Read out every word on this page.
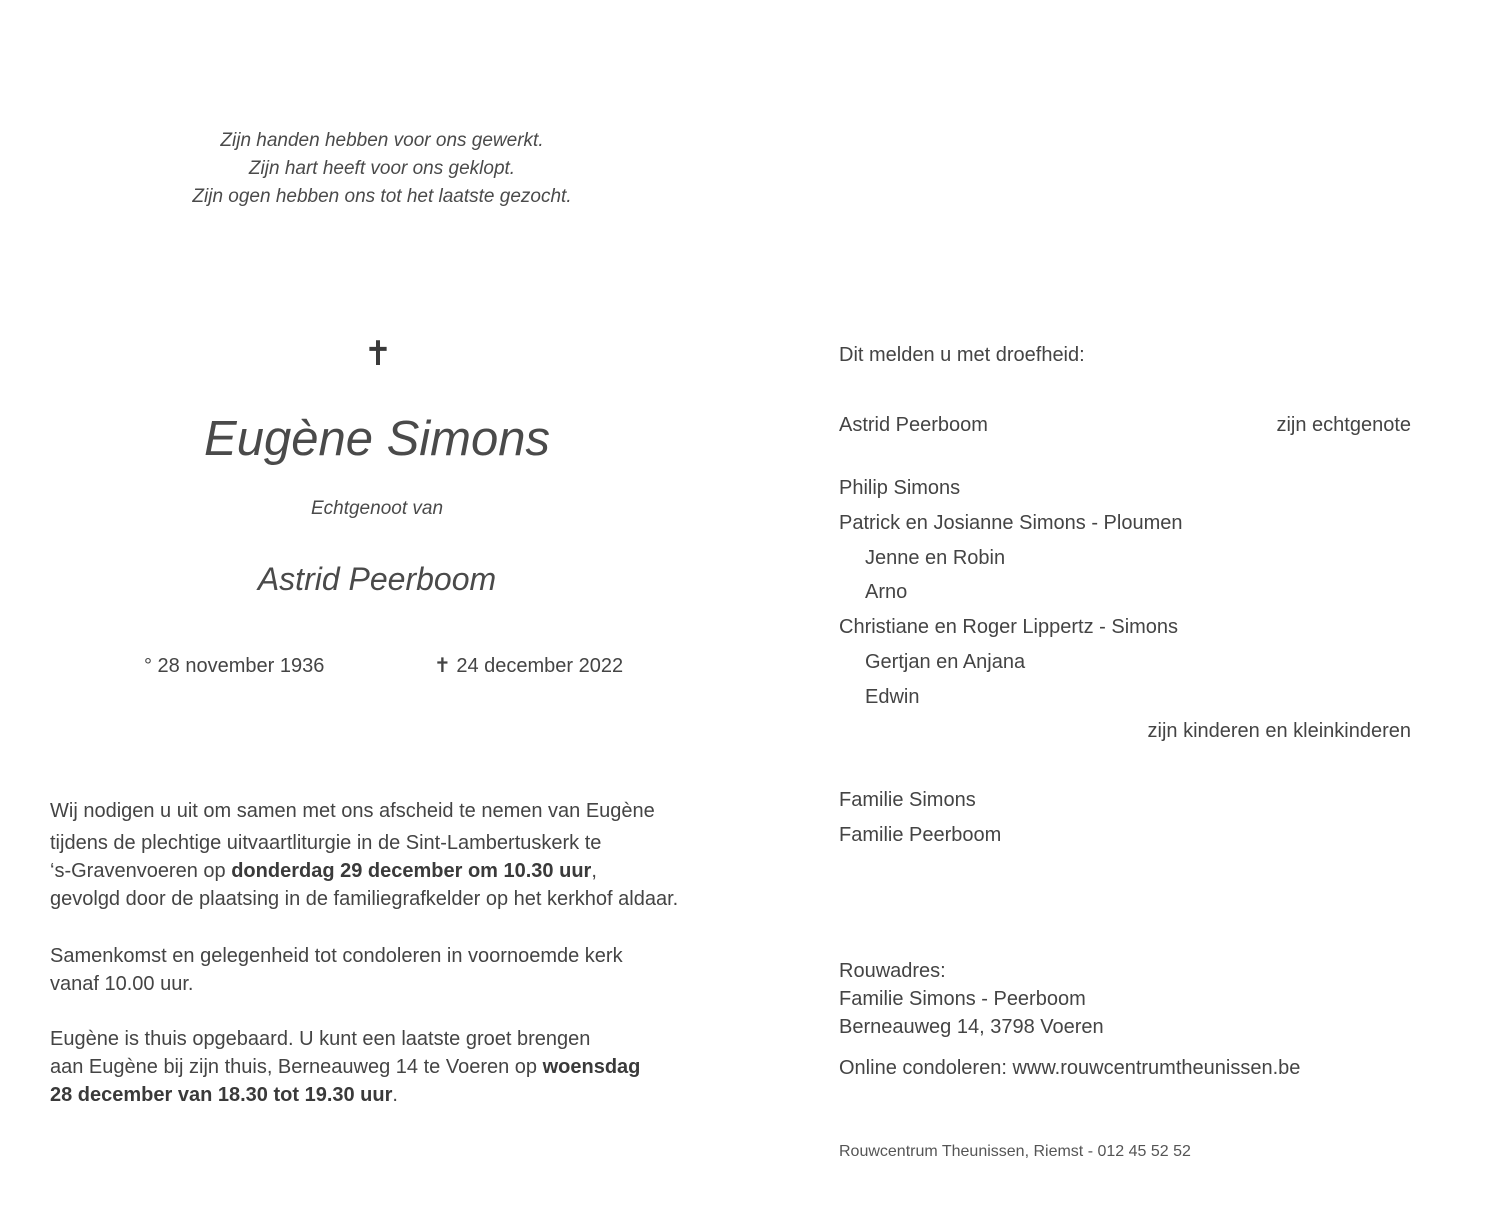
Zijn handen hebben voor ons gewerkt.
Zijn hart heeft voor ons geklopt.
Zijn ogen hebben ons tot het laatste gezocht.
✝
Eugène Simons
Echtgenoot van
Astrid Peerboom
° 28 november 1936	✝ 24 december 2022
Wij nodigen u uit om samen met ons afscheid te nemen van Eugène
tijdens de plechtige uitvaartliturgie in de Sint-Lambertuskerk te
‘s-Gravenvoeren op donderdag 29 december om 10.30 uur,
gevolgd door de plaatsing in de familiegrafkelder op het kerkhof aldaar.
Samenkomst en gelegenheid tot condoleren in voornoemde kerk
vanaf 10.00 uur.
Eugène is thuis opgebaard. U kunt een laatste groet brengen
aan Eugène bij zijn thuis, Berneauweg 14 te Voeren op woensdag
28 december van 18.30 tot 19.30 uur.
Dit melden u met droefheid:
Astrid Peerboom	zijn echtgenote
Philip Simons
Patrick en Josianne Simons - Ploumen
Jenne en Robin
Arno
Christiane en Roger Lippertz - Simons
Gertjan en Anjana
Edwin
zijn kinderen en kleinkinderen
Familie Simons
Familie Peerboom
Rouwadres:
Familie Simons - Peerboom
Berneauweg 14, 3798 Voeren
Online condoleren: www.rouwcentrumtheunissen.be
Rouwcentrum Theunissen, Riemst - 012 45 52 52
